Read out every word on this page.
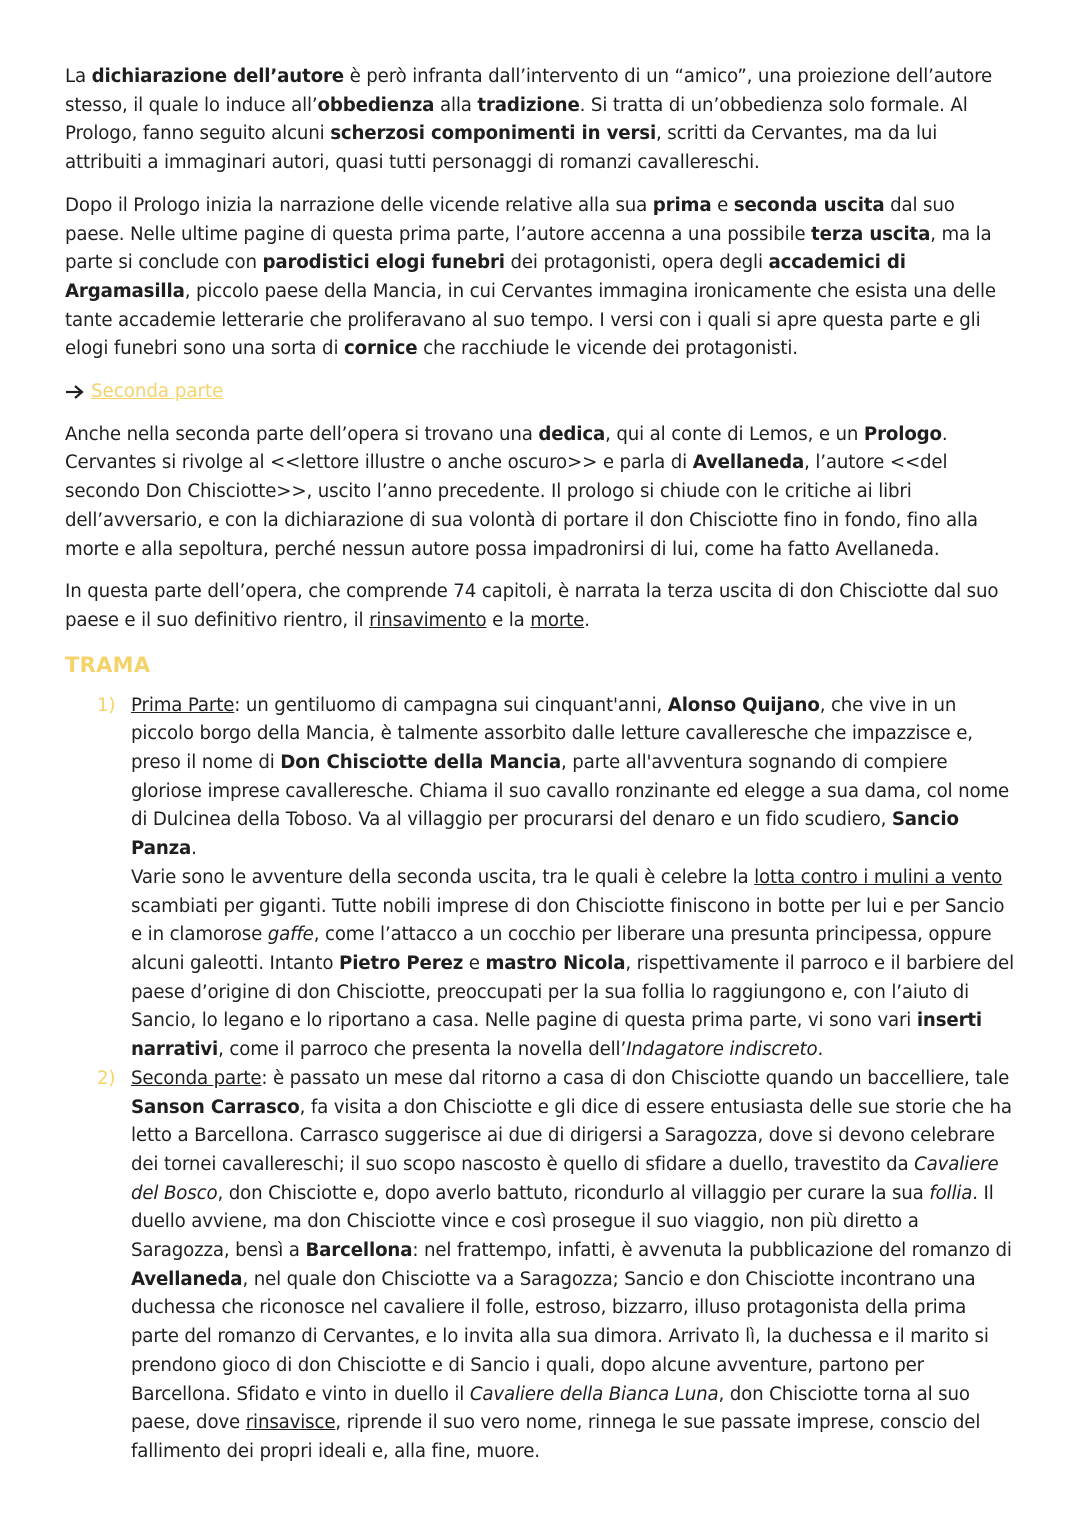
La dichiarazione dell’autore è però infranta dall’intervento di un “amico”, una proiezione dell’autore stesso, il quale lo induce all’obbedienza alla tradizione. Si tratta di un’obbedienza solo formale. Al Prologo, fanno seguito alcuni scherzosi componimenti in versi, scritti da Cervantes, ma da lui attribuiti a immaginari autori, quasi tutti personaggi di romanzi cavallereschi.

Dopo il Prologo inizia la narrazione delle vicende relative alla sua prima e seconda uscita dal suo paese. Nelle ultime pagine di questa prima parte, l’autore accenna a una possibile terza uscita, ma la parte si conclude con parodistici elogi funebri dei protagonisti, opera degli accademici di Argamasilla, piccolo paese della Mancia, in cui Cervantes immagina ironicamente che esista una delle tante accademie letterarie che proliferavano al suo tempo. I versi con i quali si apre questa parte e gli elogi funebri sono una sorta di cornice che racchiude le vicende dei protagonisti.

Seconda parte

Anche nella seconda parte dell’opera si trovano una dedica, qui al conte di Lemos, e un Prologo. Cervantes si rivolge al <<lettore illustre o anche oscuro>> e parla di Avellaneda, l’autore <<del secondo Don Chisciotte>>, uscito l’anno precedente. Il prologo si chiude con le critiche ai libri dell’avversario, e con la dichiarazione di sua volontà di portare il don Chisciotte fino in fondo, fino alla morte e alla sepoltura, perché nessun autore possa impadronirsi di lui, come ha fatto Avellaneda.

In questa parte dell’opera, che comprende 74 capitoli, è narrata la terza uscita di don Chisciotte dal suo paese e il suo definitivo rientro, il rinsavimento e la morte.

TRAMA
1) Prima Parte: un gentiluomo di campagna sui cinquant'anni, Alonso Quijano, che vive in un piccolo borgo della Mancia, è talmente assorbito dalle letture cavalleresche che impazzisce e, preso il nome di Don Chisciotte della Mancia, parte all'avventura sognando di compiere gloriose imprese cavalleresche. Chiama il suo cavallo ronzinante ed elegge a sua dama, col nome di Dulcinea della Toboso. Va al villaggio per procurarsi del denaro e un fido scudiero, Sancio Panza.
Varie sono le avventure della seconda uscita, tra le quali è celebre la lotta contro i mulini a vento scambiati per giganti. Tutte nobili imprese di don Chisciotte finiscono in botte per lui e per Sancio e in clamorose gaffe, come l’attacco a un cocchio per liberare una presunta principessa, oppure alcuni galeotti. Intanto Pietro Perez e mastro Nicola, rispettivamente il parroco e il barbiere del paese d’origine di don Chisciotte, preoccupati per la sua follia lo raggiungono e, con l’aiuto di Sancio, lo legano e lo riportano a casa. Nelle pagine di questa prima parte, vi sono vari inserti narrativi, come il parroco che presenta la novella dell’Indagatore indiscreto.
2) Seconda parte: è passato un mese dal ritorno a casa di don Chisciotte quando un baccelliere, tale Sanson Carrasco, fa visita a don Chisciotte e gli dice di essere entusiasta delle sue storie che ha letto a Barcellona. Carrasco suggerisce ai due di dirigersi a Saragozza, dove si devono celebrare dei tornei cavallereschi; il suo scopo nascosto è quello di sfidare a duello, travestito da Cavaliere del Bosco, don Chisciotte e, dopo averlo battuto, ricondurlo al villaggio per curare la sua follia. Il duello avviene, ma don Chisciotte vince e così prosegue il suo viaggio, non più diretto a Saragozza, bensì a Barcellona: nel frattempo, infatti, è avvenuta la pubblicazione del romanzo di Avellaneda, nel quale don Chisciotte va a Saragozza; Sancio e don Chisciotte incontrano una duchessa che riconosce nel cavaliere il folle, estroso, bizzarro, illuso protagonista della prima parte del romanzo di Cervantes, e lo invita alla sua dimora. Arrivato lì, la duchessa e il marito si prendono gioco di don Chisciotte e di Sancio i quali, dopo alcune avventure, partono per Barcellona. Sfidato e vinto in duello il Cavaliere della Bianca Luna, don Chisciotte torna al suo paese, dove rinsavisce, riprende il suo vero nome, rinnega le sue passate imprese, conscio del fallimento dei propri ideali e, alla fine, muore.
